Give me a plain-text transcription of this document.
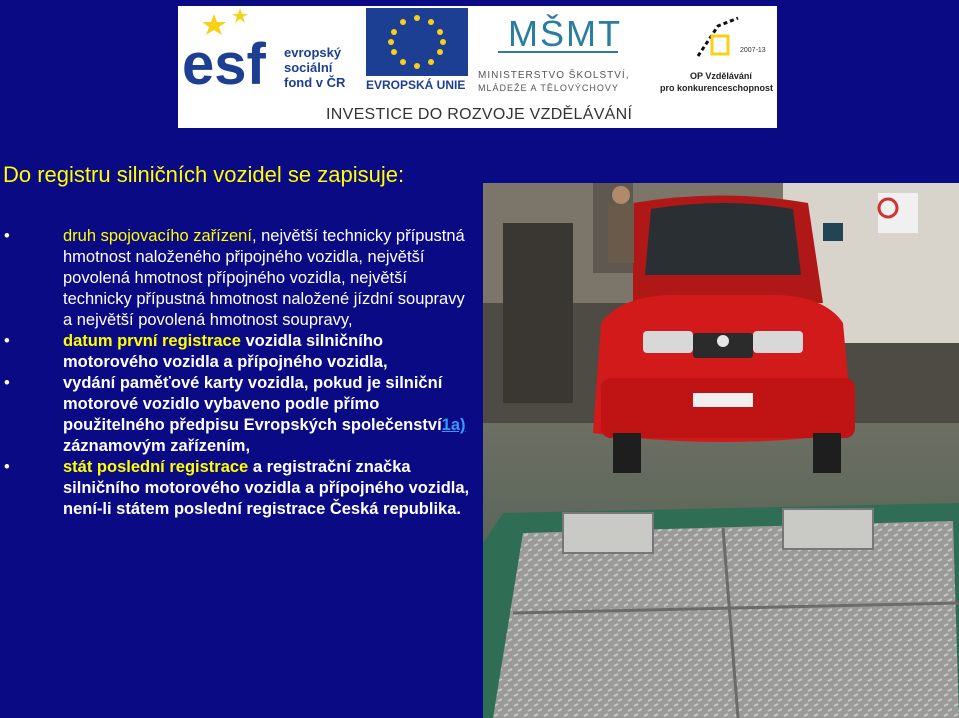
esf	MŠMT	2007-13
evropský
sociální
fond v ČR EVROPSKÁ UNIE
MINISTERSTVO ŠKOLSTVÍ,
MLÁDEŽE A TĚLOVÝCHOVY
OP Vzdělávání
pro konkurenceschopnost
INVESTICE DO ROZVOJE VZDĚLÁVÁNÍ
Do registru silničních vozidel se zapisuje:
•	druh spojovacího zařízení, největší technicky přípustná hmotnost naloženého připojného vozidla, největší povolená hmotnost přípojného vozidla, největší technicky přípustná hmotnost naložené jízdní soupravy a největší povolená hmotnost soupravy,
•	datum první registrace vozidla silničního motorového vozidla a přípojného vozidla,
•	vydání paměťové karty vozidla, pokud je silniční motorové vozidlo vybaveno podle přímo použitelného předpisu Evropských společenství1a) záznamovým zařízením,
•	stát poslední registrace a registrační značka silničního motorového vozidla a přípojného vozidla, není-li státem poslední registrace Česká republika.
